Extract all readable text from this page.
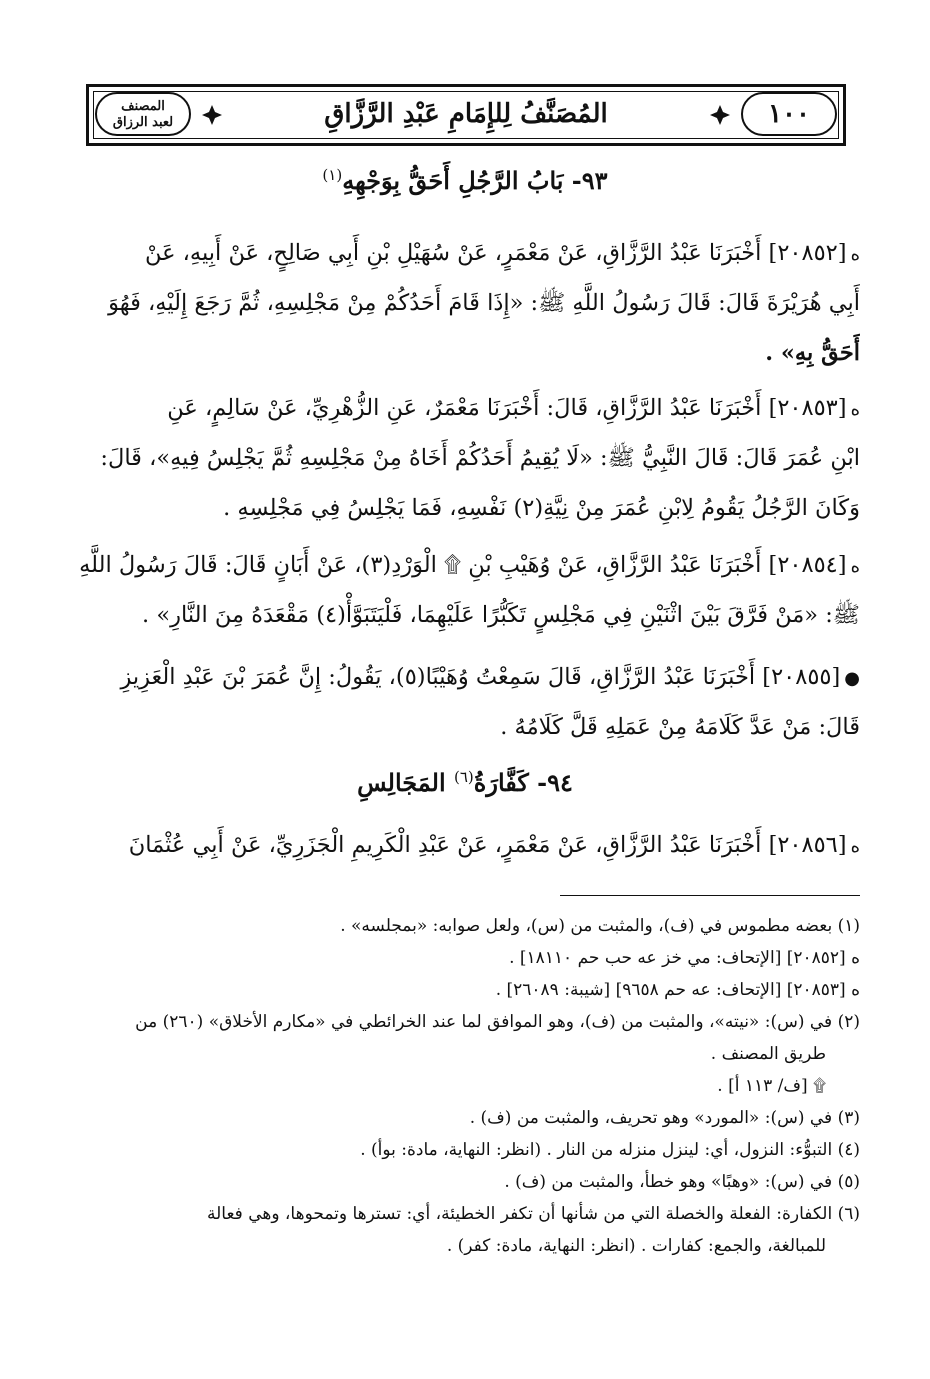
١٠٠
المُصَنَّفُ لِلإِمَامِ عَبْدِ الرَّزَّاقِ
المصنف
لعبد الرزاق
٩٣- بَابُ الرَّجُلِ أَحَقُّ بِوَجْهِهِ$^{(١)}$
ه[٢٠٨٥٢] أَخْبَرَنَا عَبْدُ الرَّزَّاقِ، عَنْ مَعْمَرٍ، عَنْ سُهَيْلِ بْنِ أَبِي صَالِحٍ، عَنْ أَبِيهِ، عَنْ
أَبِي هُرَيْرَةَ قَالَ: قَالَ رَسُولُ اللَّهِ ﷺ: «إِذَا قَامَ أَحَدُكُمْ مِنْ مَجْلِسِهِ، ثُمَّ رَجَعَ إِلَيْهِ، فَهُوَ
أَحَقُّ بِهِ» .
ه[٢٠٨٥٣] أَخْبَرَنَا عَبْدُ الرَّزَّاقِ، قَالَ: أَخْبَرَنَا مَعْمَرٌ، عَنِ الزُّهْرِيِّ، عَنْ سَالِمٍ، عَنِ
ابْنِ عُمَرَ قَالَ: قَالَ النَّبِيُّ ﷺ: «لَا يُقِيمُ أَحَدُكُمْ أَخَاهُ مِنْ مَجْلِسِهِ ثُمَّ يَجْلِسُ فِيهِ»، قَالَ:
وَكَانَ الرَّجُلُ يَقُومُ لِابْنِ عُمَرَ مِنْ نِيَّةِ(٢) نَفْسِهِ، فَمَا يَجْلِسُ فِي مَجْلِسِهِ .
ه[٢٠٨٥٤] أَخْبَرَنَا عَبْدُ الرَّزَّاقِ، عَنْ وُهَيْبِ بْنِ ۩ الْوَرْدِ(٣)، عَنْ أَبَانٍ قَالَ: قَالَ رَسُولُ اللَّهِ
ﷺ: «مَنْ فَرَّقَ بَيْنَ اثْنَيْنِ فِي مَجْلِسٍ تَكَبُّرًا عَلَيْهِمَا، فَلْيَتَبَوَّأْ(٤) مَقْعَدَهُ مِنَ النَّارِ» .
●[٢٠٨٥٥] أَخْبَرَنَا عَبْدُ الرَّزَّاقِ، قَالَ سَمِعْتُ وُهَيْبًا(٥)، يَقُولُ: إِنَّ عُمَرَ بْنَ عَبْدِ الْعَزِيزِ
قَالَ: مَنْ عَدَّ كَلَامَهُ مِنْ عَمَلِهِ قَلَّ كَلَامُهُ .
٩٤- كَفَّارَةُ$^{(٦)}$ المَجَالِسِ
ه[٢٠٨٥٦] أَخْبَرَنَا عَبْدُ الرَّزَّاقِ، عَنْ مَعْمَرٍ، عَنْ عَبْدِ الْكَرِيمِ الْجَزَرِيِّ، عَنْ أَبِي عُثْمَانَ
(١) بعضه مطموس في (ف)، والمثبت من (س)، ولعل صوابه: «بمجلسه» .
ه [٢٠٨٥٢] [الإتحاف: مي خز عه حب حم ١٨١١٠] .
ه [٢٠٨٥٣] [الإتحاف: عه حم ٩٦٥٨] [شيبة: ٢٦٠٨٩] .
(٢) في (س): «نيته»، والمثبت من (ف)، وهو الموافق لما عند الخرائطي في «مكارم الأخلاق» (٢٦٠) من
طريق المصنف .
۩ [ف/ ١١٣ أ] .
(٣) في (س): «المورد» وهو تحريف، والمثبت من (ف) .
(٤) التبوُّء: النزول، أي: لينزل منزله من النار . (انظر: النهاية، مادة: بوأ) .
(٥) في (س): «وهبًا» وهو خطأ، والمثبت من (ف) .
(٦) الكفارة: الفعلة والخصلة التي من شأنها أن تكفر الخطيئة، أي: تسترها وتمحوها، وهي فعالة
للمبالغة، والجمع: كفارات . (انظر: النهاية، مادة: كفر) .
